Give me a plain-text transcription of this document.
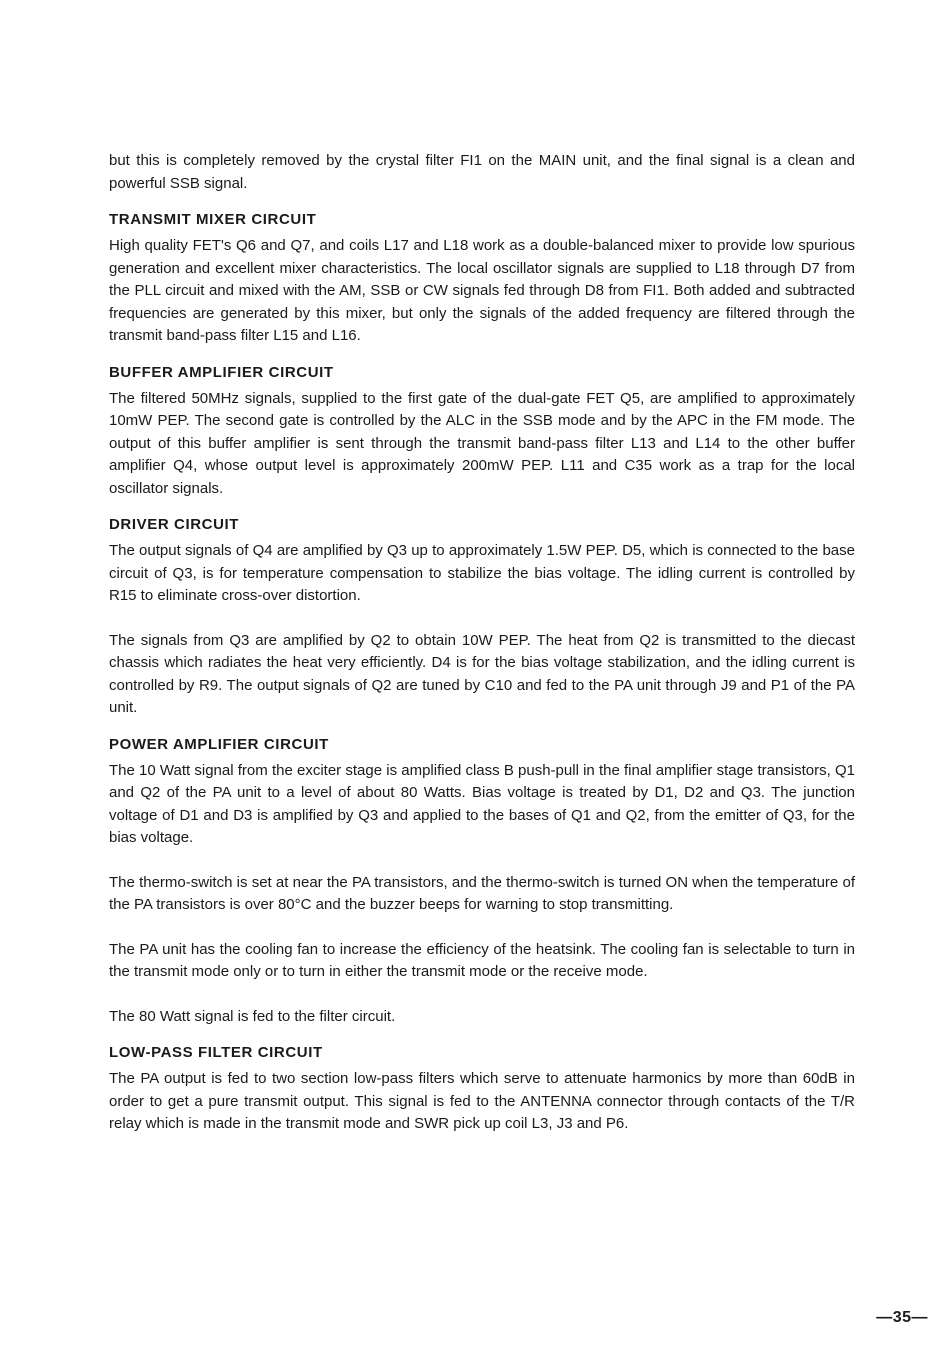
but this is completely removed by the crystal filter FI1 on the MAIN unit, and the final signal is a clean and powerful SSB signal.

TRANSMIT MIXER CIRCUIT

High quality FET's Q6 and Q7, and coils L17 and L18 work as a double-balanced mixer to provide low spurious generation and excellent mixer characteristics. The local oscillator signals are supplied to L18 through D7 from the PLL circuit and mixed with the AM, SSB or CW signals fed through D8 from FI1. Both added and subtracted frequencies are generated by this mixer, but only the signals of the added frequency are filtered through the transmit band-pass filter L15 and L16.

BUFFER AMPLIFIER CIRCUIT

The filtered 50MHz signals, supplied to the first gate of the dual-gate FET Q5, are amplified to approximately 10mW PEP. The second gate is controlled by the ALC in the SSB mode and by the APC in the FM mode. The output of this buffer amplifier is sent through the transmit band-pass filter L13 and L14 to the other buffer amplifier Q4, whose output level is approximately 200mW PEP. L11 and C35 work as a trap for the local oscillator signals.

DRIVER CIRCUIT

The output signals of Q4 are amplified by Q3 up to approximately 1.5W PEP. D5, which is connected to the base circuit of Q3, is for temperature compensation to stabilize the bias voltage. The idling current is controlled by R15 to eliminate cross-over distortion.

The signals from Q3 are amplified by Q2 to obtain 10W PEP. The heat from Q2 is transmitted to the diecast chassis which radiates the heat very efficiently. D4 is for the bias voltage stabilization, and the idling current is controlled by R9. The output signals of Q2 are tuned by C10 and fed to the PA unit through J9 and P1 of the PA unit.

POWER AMPLIFIER CIRCUIT

The 10 Watt signal from the exciter stage is amplified class B push-pull in the final amplifier stage transistors, Q1 and Q2 of the PA unit to a level of about 80 Watts. Bias voltage is treated by D1, D2 and Q3. The junction voltage of D1 and D3 is amplified by Q3 and applied to the bases of Q1 and Q2, from the emitter of Q3, for the bias voltage.

The thermo-switch is set at near the PA transistors, and the thermo-switch is turned ON when the temperature of the PA transistors is over 80°C and the buzzer beeps for warning to stop transmitting.

The PA unit has the cooling fan to increase the efficiency of the heatsink. The cooling fan is selectable to turn in the transmit mode only or to turn in either the transmit mode or the receive mode.

The 80 Watt signal is fed to the filter circuit.

LOW-PASS FILTER CIRCUIT

The PA output is fed to two section low-pass filters which serve to attenuate harmonics by more than 60dB in order to get a pure transmit output. This signal is fed to the ANTENNA connector through contacts of the T/R relay which is made in the transmit mode and SWR pick up coil L3, J3 and P6.

—35—
